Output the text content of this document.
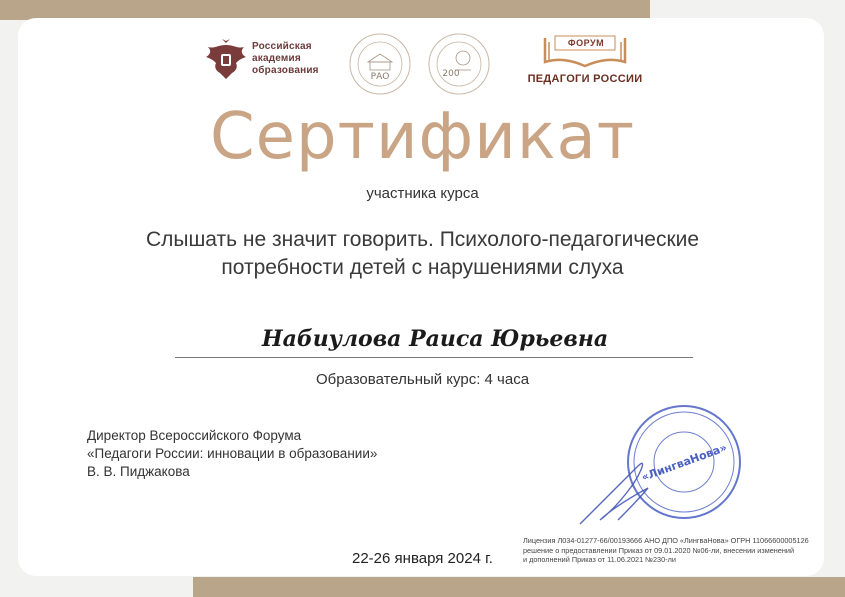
Российская
академия
образования
РАО	200
ФОРУМ
ПЕДАГОГИ РОССИИ
Сертификат
участника курса
Слышать не значит говорить. Психолого-педагогические
потребности детей с нарушениями слуха
Набиулова Раиса Юрьевна
Образовательный курс: 4 часа
Директор Всероссийского Форума
«Педагоги России: инновации в образовании»
В. В. Пиджакова	«ЛингваНова»
Лицензия Л034-01277-66/00193666 АНО ДПО «ЛингваНова» ОГРН 11066600005126
решение о предоставлении Приказ от 09.01.2020 №06-ли, внесении изменений
и дополнений Приказ от 11.06.2021 №230-ли
22-26 января 2024 г.
